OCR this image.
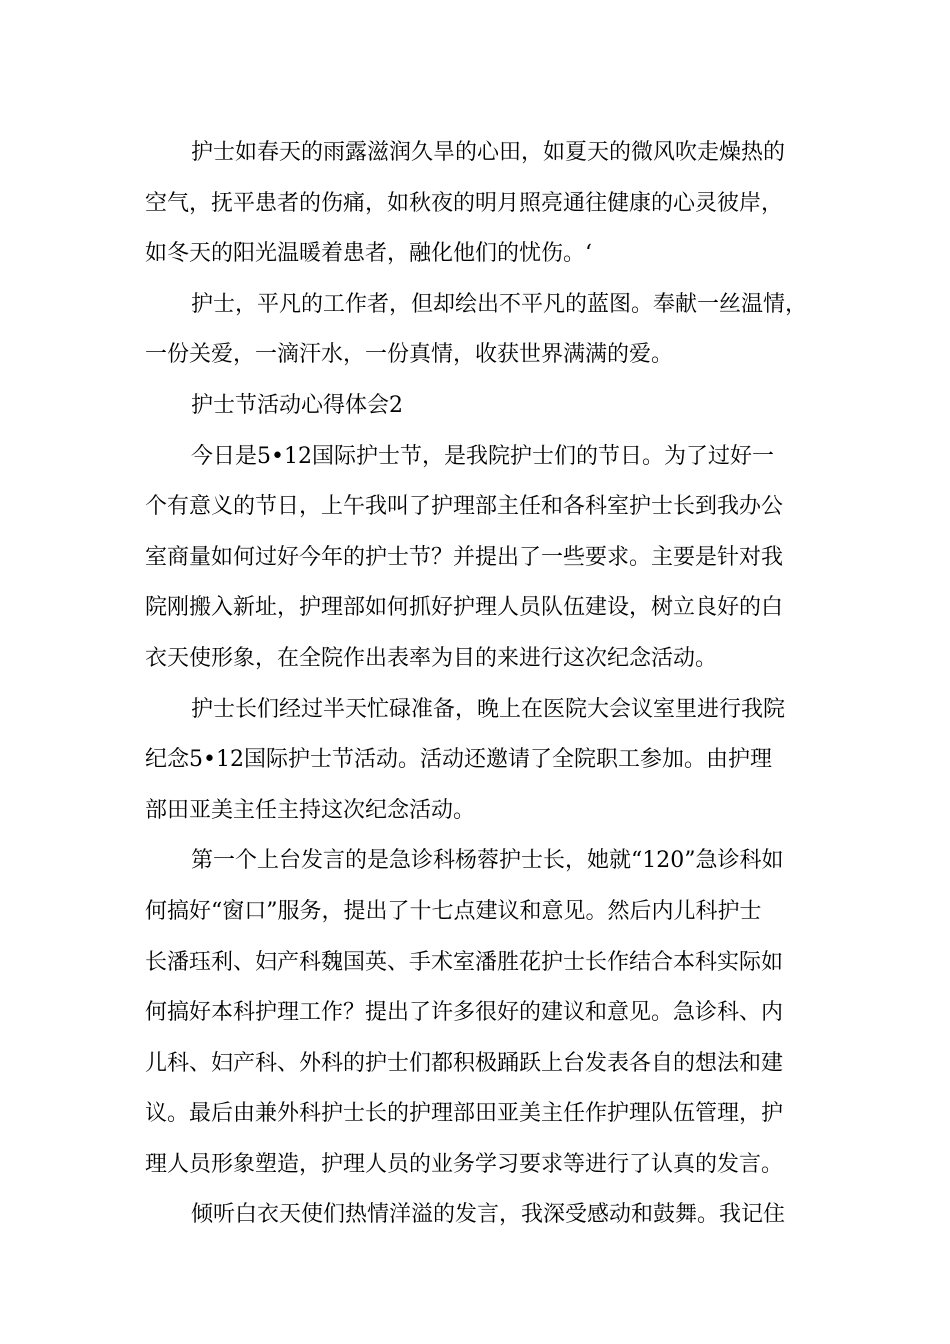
护士如春天的雨露滋润久旱的心田，如夏天的微风吹走燥热的
空气，抚平患者的伤痛，如秋夜的明月照亮通往健康的心灵彼岸，
如冬天的阳光温暖着患者，融化他们的忧伤。‘
护士，平凡的工作者，但却绘出不平凡的蓝图。奉献一丝温情，
一份关爱，一滴汗水，一份真情，收获世界满满的爱。
护士节活动心得体会2
今日是5•12国际护士节，是我院护士们的节日。为了过好一
个有意义的节日，上午我叫了护理部主任和各科室护士长到我办公
室商量如何过好今年的护士节？并提出了一些要求。主要是针对我
院刚搬入新址，护理部如何抓好护理人员队伍建设，树立良好的白
衣天使形象，在全院作出表率为目的来进行这次纪念活动。
护士长们经过半天忙碌准备，晚上在医院大会议室里进行我院
纪念5•12国际护士节活动。活动还邀请了全院职工参加。由护理
部田亚美主任主持这次纪念活动。
第一个上台发言的是急诊科杨蓉护士长，她就“120”急诊科如
何搞好“窗口”服务，提出了十七点建议和意见。然后内儿科护士
长潘珏利、妇产科魏国英、手术室潘胜花护士长作结合本科实际如
何搞好本科护理工作？提出了许多很好的建议和意见。急诊科、内
儿科、妇产科、外科的护士们都积极踊跃上台发表各自的想法和建
议。最后由兼外科护士长的护理部田亚美主任作护理队伍管理，护
理人员形象塑造，护理人员的业务学习要求等进行了认真的发言。
倾听白衣天使们热情洋溢的发言，我深受感动和鼓舞。我记住
